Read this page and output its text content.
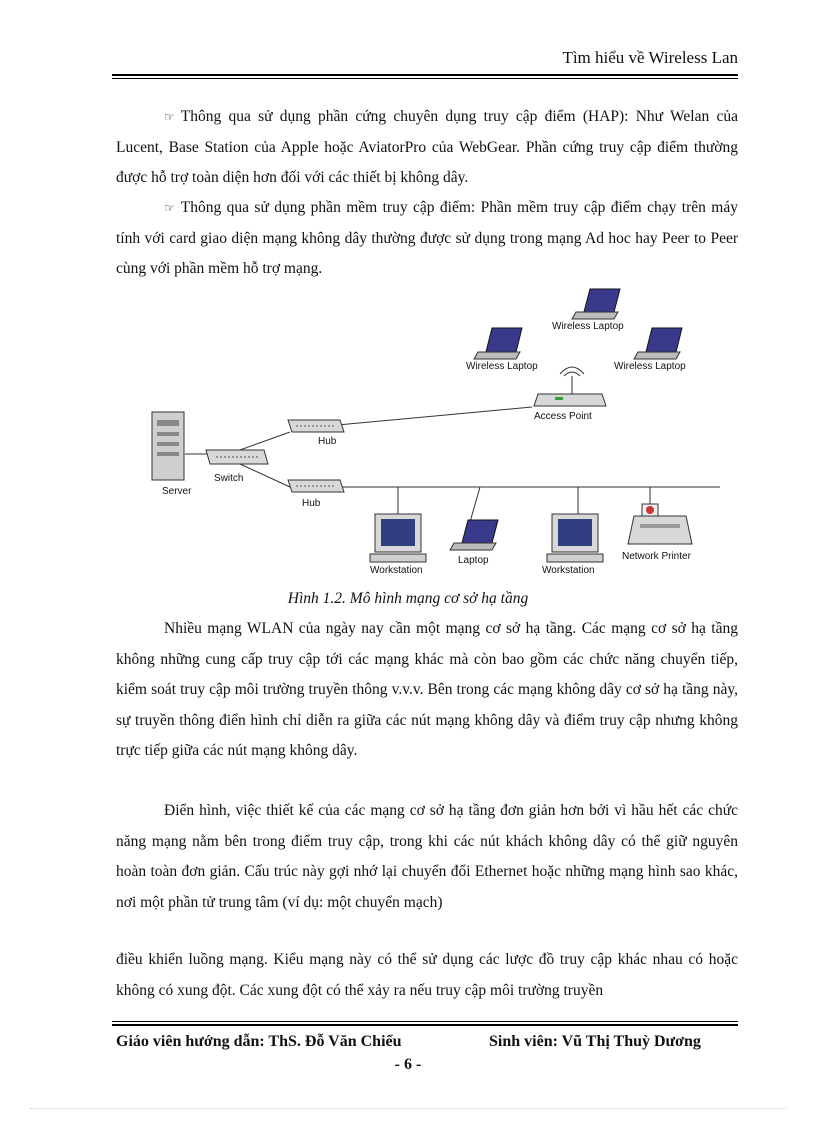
Tìm hiểu về Wireless Lan

☞ Thông qua sử dụng phần cứng chuyên dụng truy cập điểm (HAP): Như Welan của Lucent, Base Station của Apple hoặc AviatorPro của WebGear. Phần cứng truy cập điểm thường được hỗ trợ toàn diện hơn đối với các thiết bị không dây.

☞ Thông qua sử dụng phần mềm truy cập điểm: Phần mềm truy cập điểm chạy trên máy tính với card giao diện mạng không dây thường được sử dụng trong mạng Ad hoc hay Peer to Peer cùng với phần mềm hỗ trợ mạng.

Wireless Laptop
Wireless Laptop	Wireless Laptop
Access Point
Server
Switch
Hub
Hub
Workstation
Laptop
Workstation
Network Printer
Hình 1.2. Mô hình mạng cơ sở hạ tầng

Nhiều mạng WLAN của ngày nay cần một mạng cơ sở hạ tầng. Các mạng cơ sở hạ tầng không những cung cấp truy cập tới các mạng khác mà còn bao gồm các chức năng chuyển tiếp, kiểm soát truy cập môi trường truyền thông v.v.v. Bên trong các mạng không dây cơ sở hạ tầng này, sự truyền thông điển hình chỉ diễn ra giữa các nút mạng không dây và điểm truy cập nhưng không trực tiếp giữa các nút mạng không dây.

Điển hình, việc thiết kế của các mạng cơ sở hạ tầng đơn giản hơn bởi vì hầu hết các chức năng mạng nằm bên trong điểm truy cập, trong khi các nút khách không dây có thể giữ nguyên hoàn toàn đơn giản. Cấu trúc này gợi nhớ lại chuyển đổi Ethernet hoặc những mạng hình sao khác, nơi một phần tử trung tâm (ví dụ: một chuyển mạch)

điều khiển luồng mạng. Kiểu mạng này có thể sử dụng các lược đồ truy cập khác nhau có hoặc không có xung đột. Các xung đột có thể xảy ra nếu truy cập môi trường truyền

Giáo viên hướng dẫn: ThS. Đỗ Văn Chiểu	Sinh viên: Vũ Thị Thuỳ Dương
- 6 -
